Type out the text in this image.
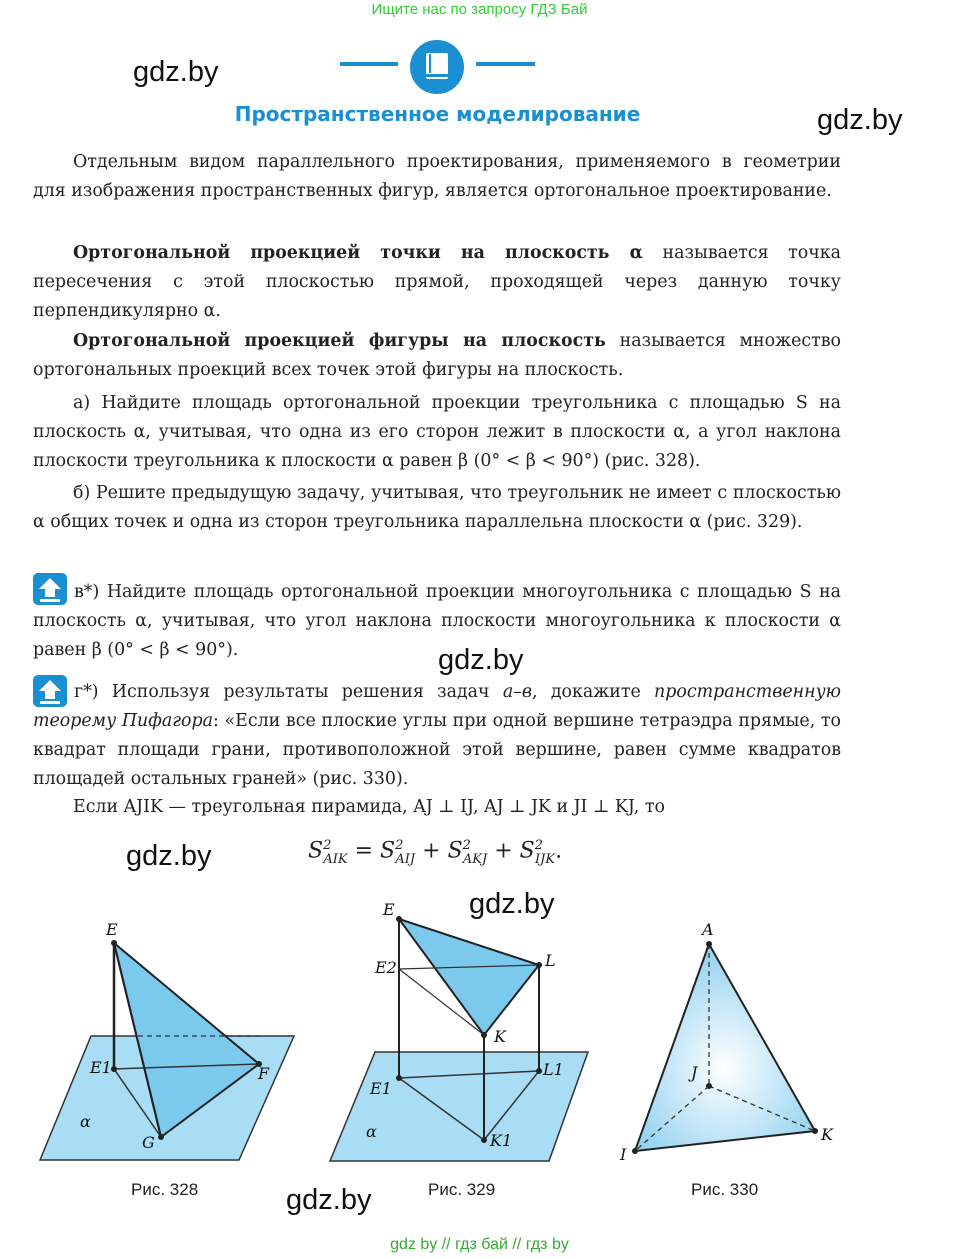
Ищите нас по запросу ГДЗ Бай
gdz.by
gdz.by
gdz.by
gdz.by
gdz.by
gdz.by
Пространственное моделирование

Отдельным видом параллельного проектирования, применяемого в геометрии для изображения пространственных фигур, является ортогональное проектирование.

Ортогональной проекцией точки на плоскость α называется точка пересечения с этой плоскостью прямой, проходящей через данную точку перпендикулярно α.

Ортогональной проекцией фигуры на плоскость называется множество ортогональных проекций всех точек этой фигуры на плоскость.

а) Найдите площадь ортогональной проекции треугольника с площадью S на плоскость α, учитывая, что одна из его сторон лежит в плоскости α, а угол наклона плоскости треугольника к плоскости α равен β (0° < β < 90°) (рис. 328).

б) Решите предыдущую задачу, учитывая, что треугольник не имеет с плоскостью α общих точек и одна из сторон треугольника параллельна плоскости α (рис. 329).

в*) Найдите площадь ортогональной проекции многоугольника с площадью S на плоскость α, учитывая, что угол наклона плоскости многоугольника к плоскости α равен β (0° < β < 90°).

г*) Используя результаты решения задач а–в, докажите пространственную теорему Пифагора: «Если все плоские углы при одной вершине тетраэдра прямые, то квадрат площади грани, противоположной этой вершине, равен сумме квадратов площадей остальных граней» (рис. 330).

Если AJIK — треугольная пирамида, AJ ⊥ IJ, AJ ⊥ JK и JI ⊥ KJ, то

$S^2_{AIK} = S^2_{AIJ} + S^2_{AKJ} + S^2_{IJK}$.
E
E1	F
G
α
E
E2	L
K
E1
L1
K1
α
A
J
I
K
Рис. 328	Рис. 329	Рис. 330
gdz by // гдз бай // гдз by
